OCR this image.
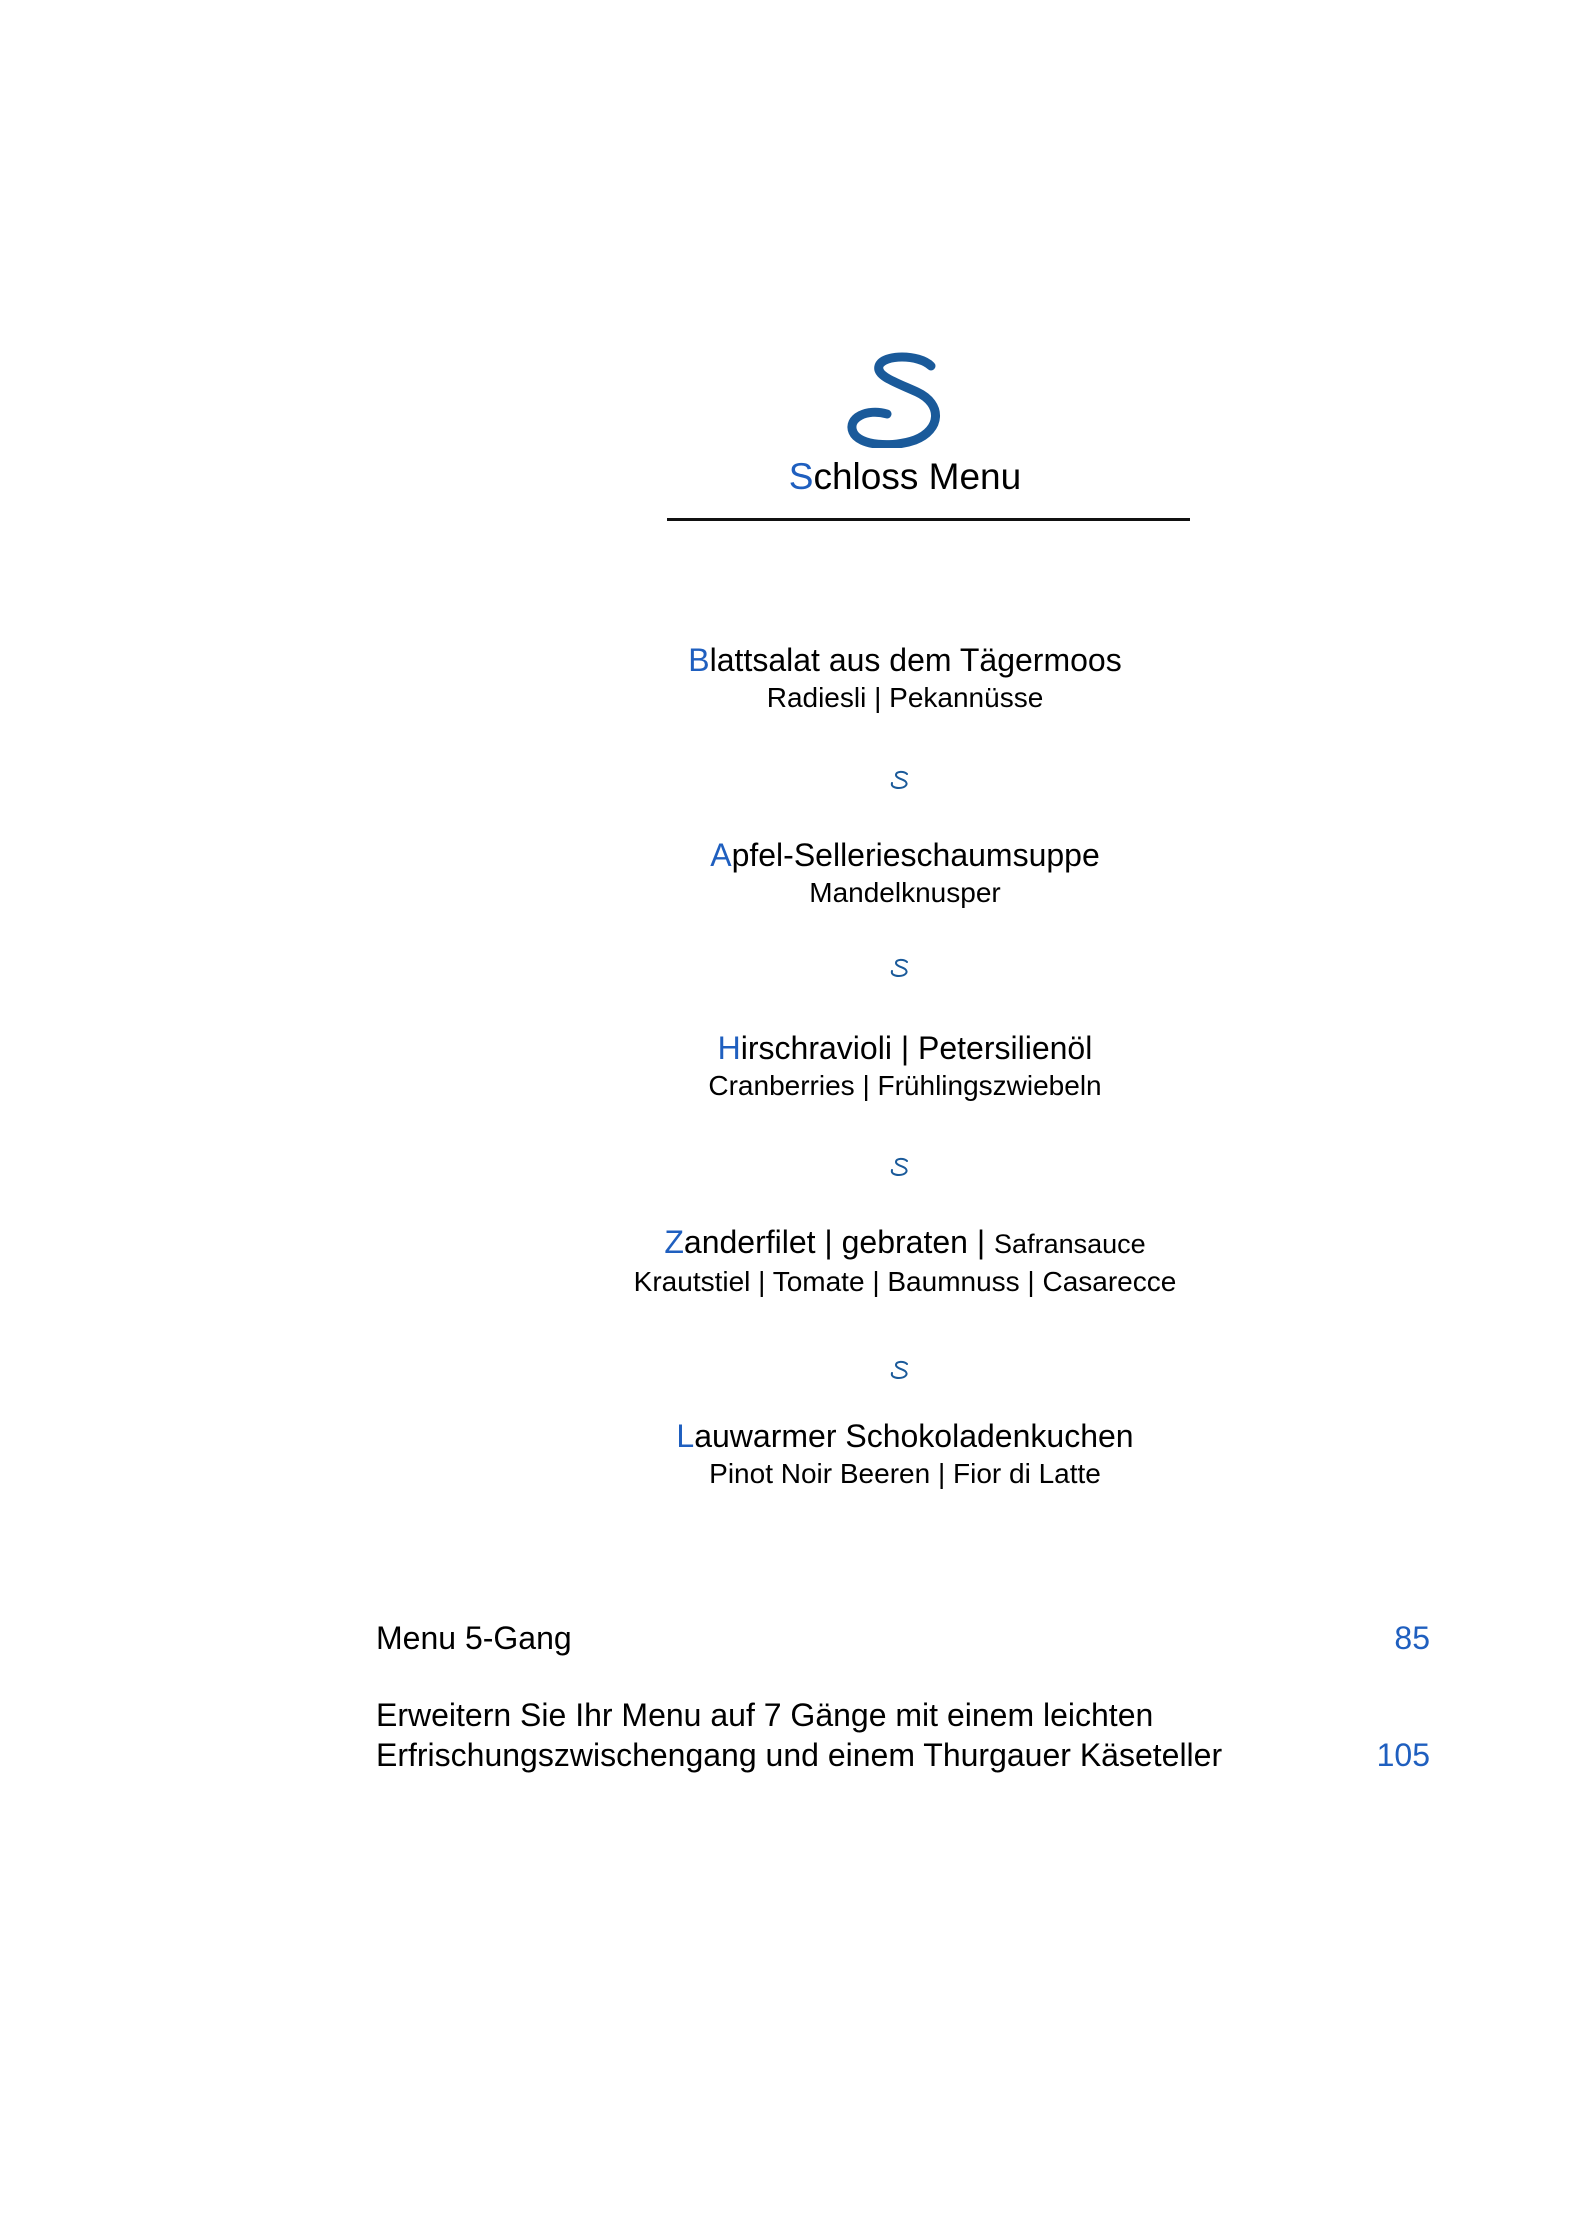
Schloss Menu
Blattsalat aus dem Tägermoos
Radiesli | Pekannüsse
Apfel-Sellerieschaumsuppe
Mandelknusper
Hirschravioli | Petersilienöl
Cranberries | Frühlingszwiebeln
Zanderfilet | gebraten | Safransauce
Krautstiel | Tomate | Baumnuss | Casarecce
Lauwarmer Schokoladenkuchen
Pinot Noir Beeren | Fior di Latte
Menu 5-Gang	85
Erweitern Sie Ihr Menu auf 7 Gänge mit einem leichten
Erfrischungszwischengang und einem Thurgauer Käseteller	105
